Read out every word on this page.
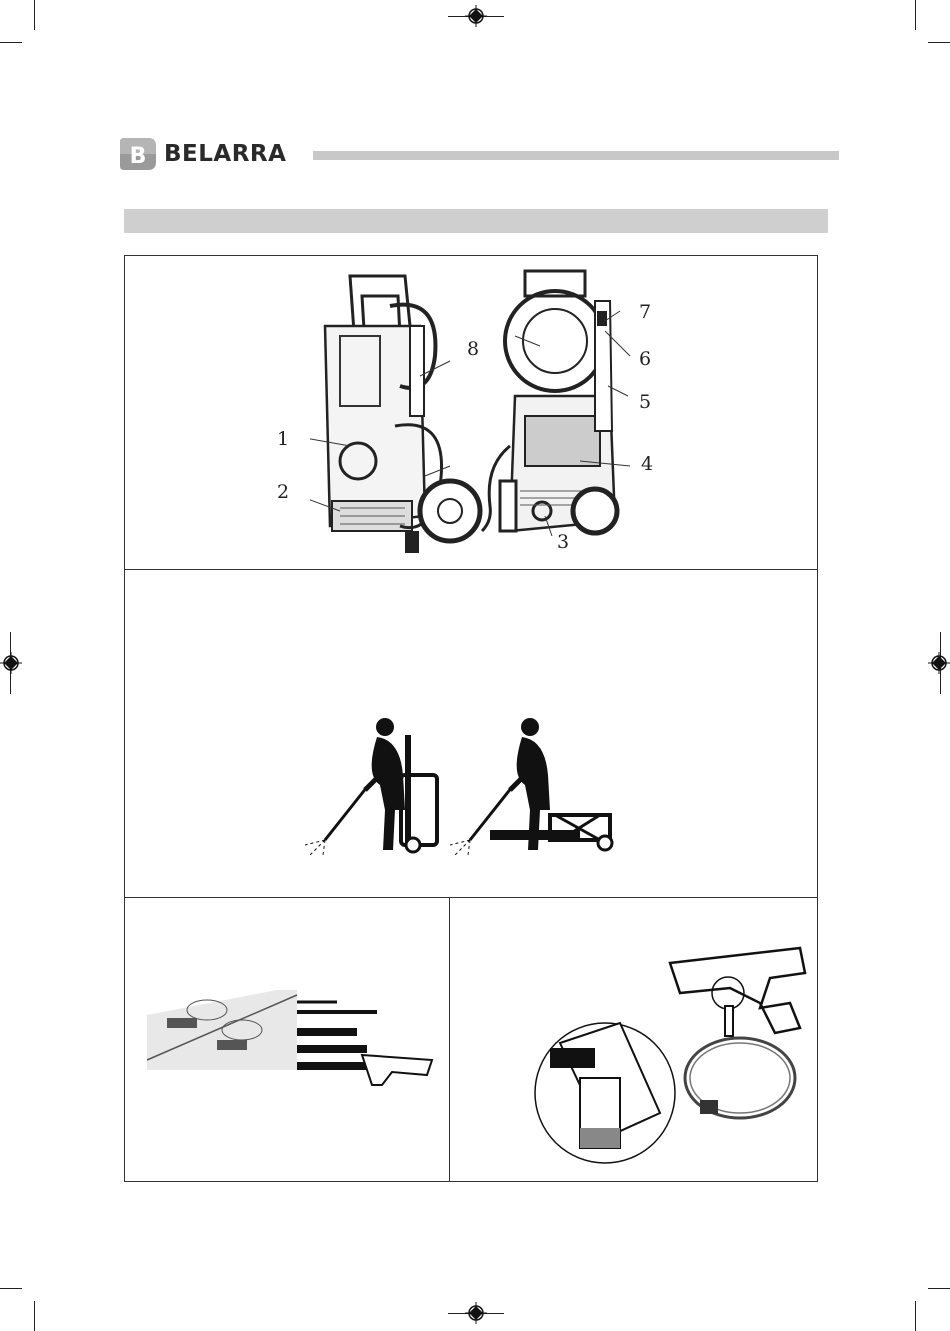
B BELARRA
1
2
3
4
5
6
7
8
